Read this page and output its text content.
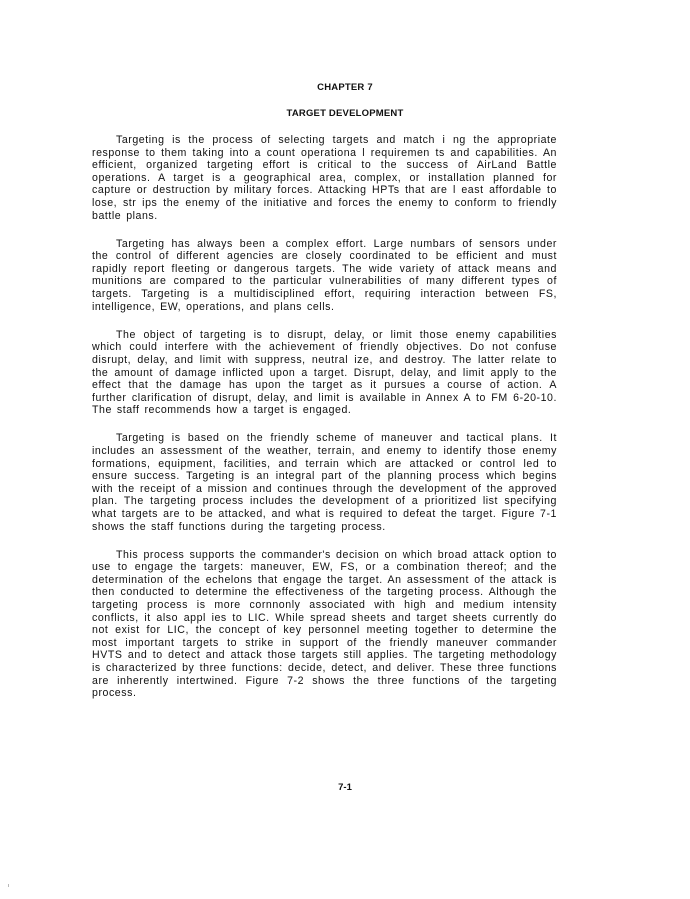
CHAPTER 7
TARGET DEVELOPMENT

Targeting is the process of selecting targets and match i ng the appropriate response to them taking into a count operationa l requiremen ts and capabilities. An efficient, organized targeting effort is critical to the success of AirLand Battle operations. A target is a geographical area, complex, or installation planned for capture or destruction by military forces. Attacking HPTs that are l east affordable to lose, str ips the enemy of the initiative and forces the enemy to conform to friendly battle plans.

Targeting has always been a complex effort. Large numbars of sensors under the control of different agencies are closely coordinated to be efficient and must rapidly report fleeting or dangerous targets. The wide variety of attack means and munitions are compared to the particular vulnerabilities of many different types of targets. Targeting is a multidisciplined effort, requiring interaction between FS, intelligence, EW, operations, and plans cells.

The object of targeting is to disrupt, delay, or limit those enemy capabilities which could interfere with the achievement of friendly objectives. Do not confuse disrupt, delay, and limit with suppress, neutral ize, and destroy. The latter relate to the amount of damage inflicted upon a target. Disrupt, delay, and limit apply to the effect that the damage has upon the target as it pursues a course of action. A further clarification of disrupt, delay, and limit is available in Annex A to FM 6-20-10. The staff recommends how a target is engaged.

Targeting is based on the friendly scheme of maneuver and tactical plans. It includes an assessment of the weather, terrain, and enemy to identify those enemy formations, equipment, facilities, and terrain which are attacked or control led to ensure success. Targeting is an integral part of the planning process which begins with the receipt of a mission and continues through the development of the approved plan. The targeting process includes the development of a prioritized list specifying what targets are to be attacked, and what is required to defeat the target. Figure 7-1 shows the staff functions during the targeting process.

This process supports the commander's decision on which broad attack option to use to engage the targets: maneuver, EW, FS, or a combination thereof; and the determination of the echelons that engage the target. An assessment of the attack is then conducted to determine the effectiveness of the targeting process. Although the targeting process is more cornnonly associated with high and medium intensity conflicts, it also appl ies to LIC. While spread sheets and target sheets currently do not exist for LIC, the concept of key personnel meeting together to determine the most important targets to strike in support of the friendly maneuver commander HVTS and to detect and attack those targets still applies. The targeting methodology is characterized by three functions: decide, detect, and deliver. These three functions are inherently intertwined. Figure 7-2 shows the three functions of the targeting process.

7-1
